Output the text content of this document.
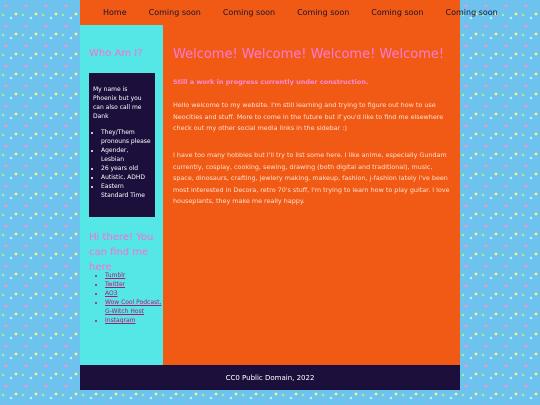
Home	Coming soon	Coming soon	Coming soon	Coming soon	Coming soon
Who Am I?

My name is Phoenix but you can also call me Dank

• They/Them pronouns please
• Agender, Lesbian
• 26 years old
• Autistic, ADHD
• Eastern Standard Time
Hi there! You can find me here
• Tumblr
• Twitter
• AO3
• Wow Cool Podcast, G-Witch Host
• Instagram
Welcome! Welcome! Welcome! Welcome!

Still a work in progress currently under construction.

Hello welcome to my website. I'm still learning and trying to figure out how to use Neocities and stuff. More to come in the future but if you'd like to find me elsewhere check out my other social media links in the sidebar :)

I have too many hobbies but I'll try to list some here. I like anime, especially Gundam currently, cosplay, cooking, sewing, drawing (both digital and traditional), music, space, dinosaurs, crafting, jewlery making, makeup, fashion, j-fashion lately i've been most interested in Decora, retro 70's stuff, I'm trying to learn how to play guitar. I love houseplants, they make me really happy.

CC0 Public Domain, 2022
